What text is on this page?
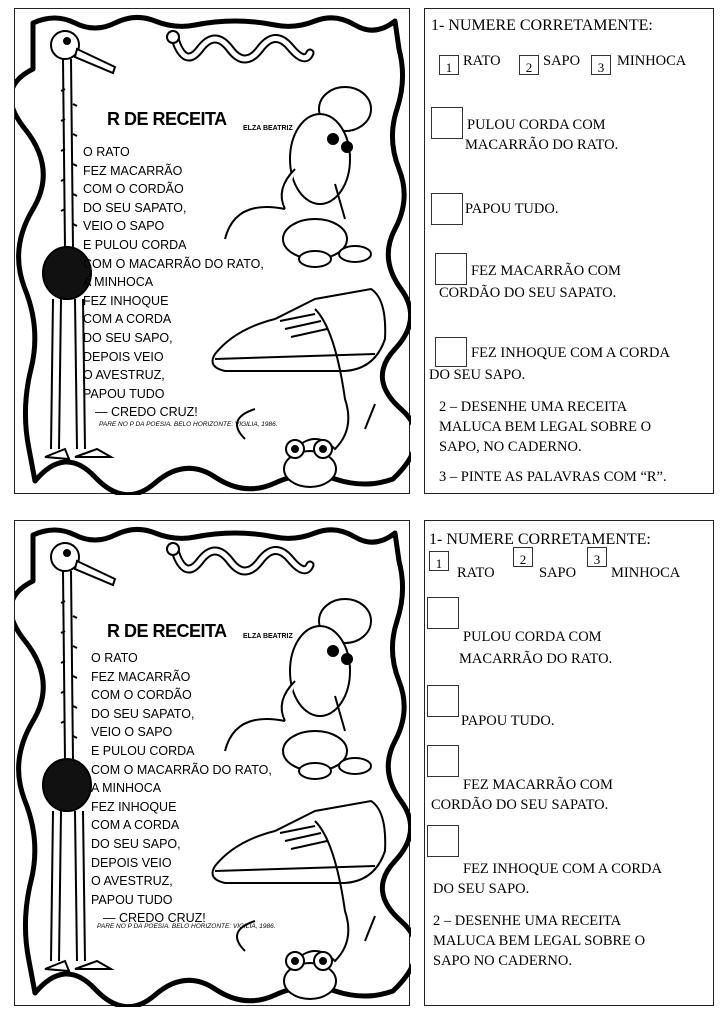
R DE RECEITA ELZA BEATRIZ
O RATO
FEZ MACARRÃO
COM O CORDÃO
DO SEU SAPATO,
VEIO O SAPO
E PULOU CORDA
COM O MACARRÃO DO RATO,
A MINHOCA
FEZ INHOQUE
COM A CORDA
DO SEU SAPO,
DEPOIS VEIO
O AVESTRUZ,
PAPOU TUDO
— CREDO CRUZ!
PARE NO P DA POESIA. BELO HORIZONTE: VIGILIA, 1986.
1- NUMERE CORRETAMENTE:
1 RATO	2 SAPO	3 MINHOCA
PULOU CORDA COM
MACARRÃO DO RATO.
PAPOU TUDO.
FEZ MACARRÃO COM
CORDÃO DO SEU SAPATO.
FEZ INHOQUE COM A CORDA
DO SEU SAPO.
2 – DESENHE UMA RECEITA
MALUCA BEM LEGAL SOBRE O
SAPO, NO CADERNO.
3 – PINTE AS PALAVRAS COM “R”.
R DE RECEITA ELZA BEATRIZ
O RATO
FEZ MACARRÃO
COM O CORDÃO
DO SEU SAPATO,
VEIO O SAPO
E PULOU CORDA
COM O MACARRÃO DO RATO,
A MINHOCA
FEZ INHOQUE
COM A CORDA
DO SEU SAPO,
DEPOIS VEIO
O AVESTRUZ,
PAPOU TUDO
— CREDO CRUZ!
PARE NO P DA POESIA. BELO HORIZONTE: VIGILIA, 1986.
1- NUMERE CORRETAMENTE:
1	2	3
RATO	SAPO MINHOCA
PULOU CORDA COM
MACARRÃO DO RATO.
PAPOU TUDO.
FEZ MACARRÃO COM
CORDÃO DO SEU SAPATO.
FEZ INHOQUE COM A CORDA
DO SEU SAPO.
2 – DESENHE UMA RECEITA
MALUCA BEM LEGAL SOBRE O
SAPO NO CADERNO.
